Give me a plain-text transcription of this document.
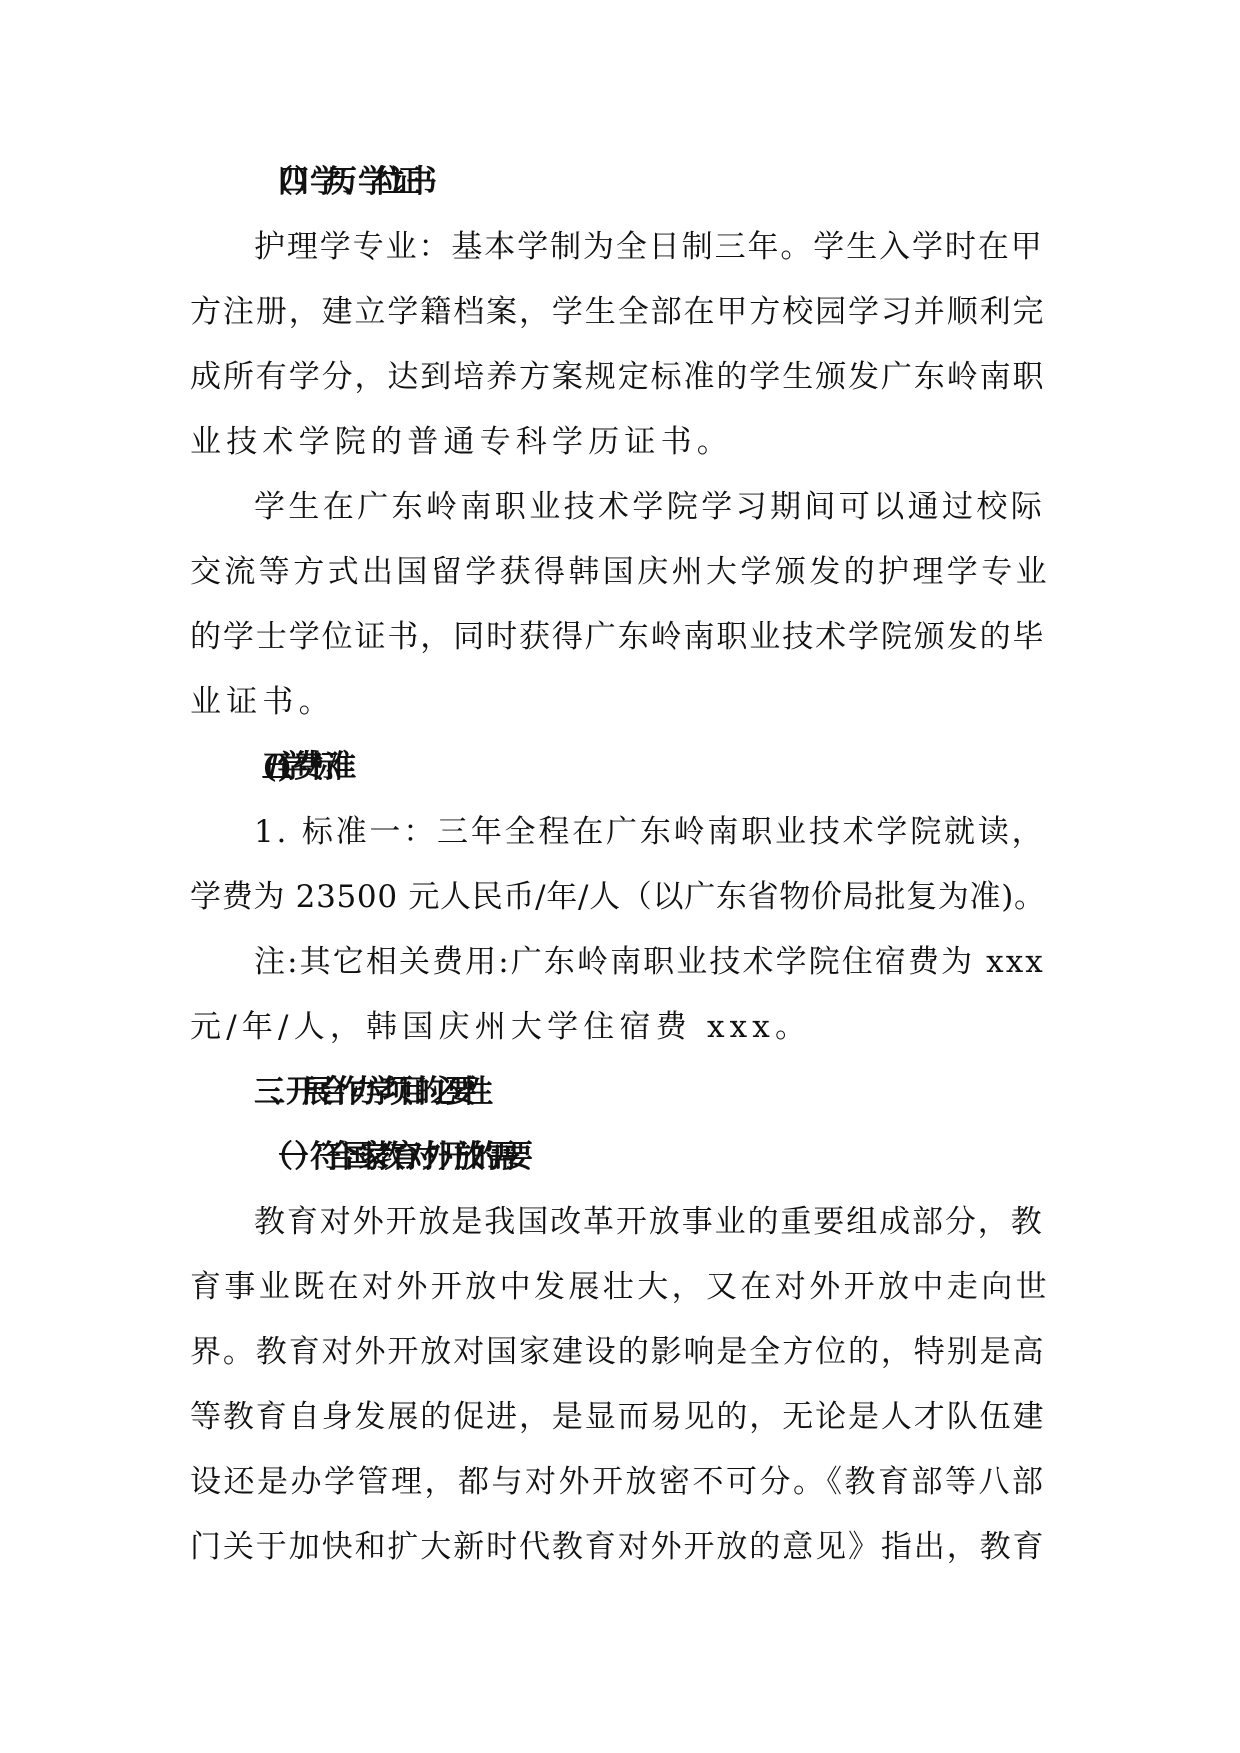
（四）学历、学位证书

护理学专业：基本学制为全日制三年。学生入学时在甲

方注册，建立学籍档案，学生全部在甲方校园学习并顺利完

成所有学分，达到培养方案规定标准的学生颁发广东岭南职

业技术学院的普通专科学历证书。

学生在广东岭南职业技术学院学习期间可以通过校际

交流等方式出国留学获得韩国庆州大学颁发的护理学专业

的学士学位证书，同时获得广东岭南职业技术学院颁发的毕

业证书。

(五)学费标准

1. 标准一：三年全程在广东岭南职业技术学院就读，

学费为 23500 元人民币/年/人（以广东省物价局批复为准)。

注:其它相关费用:广东岭南职业技术学院住宿费为 xxx

元/年/人，韩国庆州大学住宿费 xxx。

三、开展合作办学项目的必要性

（一）符合国家教育对外开放的需要

教育对外开放是我国改革开放事业的重要组成部分，教

育事业既在对外开放中发展壮大，又在对外开放中走向世

界。教育对外开放对国家建设的影响是全方位的，特别是高

等教育自身发展的促进，是显而易见的，无论是人才队伍建

设还是办学管理，都与对外开放密不可分。《教育部等八部

门关于加快和扩大新时代教育对外开放的意见》指出，教育
